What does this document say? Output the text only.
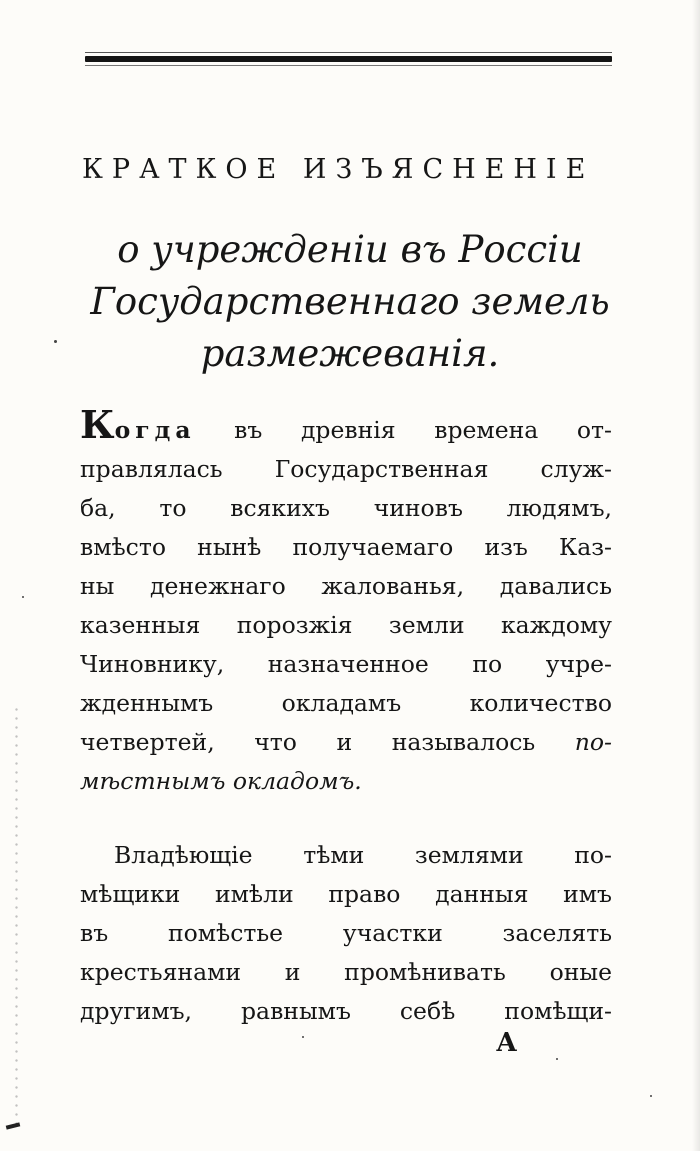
КРАТКОЕ ИЗЪЯСНЕНІЕ
о учрежденіи въ Россіи
Государственнаго земель
размежеванія.
Когда въ древнія времена от-
правлялась Государственная служ-
ба, то всякихъ чиновъ людямъ,
вмѣсто нынѣ получаемаго изъ Каз-
ны денежнаго жалованья, давались
казенныя порозжія земли каждому
Чиновнику, назначенное по учре-
жденнымъ окладамъ количество
четвертей, что и называлось по-
мѣстнымъ окладомъ.
Владѣющіе тѣми землями по-
мѣщики имѣли право данныя имъ
въ помѣстье участки заселять
крестьянами и промѣнивать оные
другимъ, равнымъ себѣ помѣщи-
А
